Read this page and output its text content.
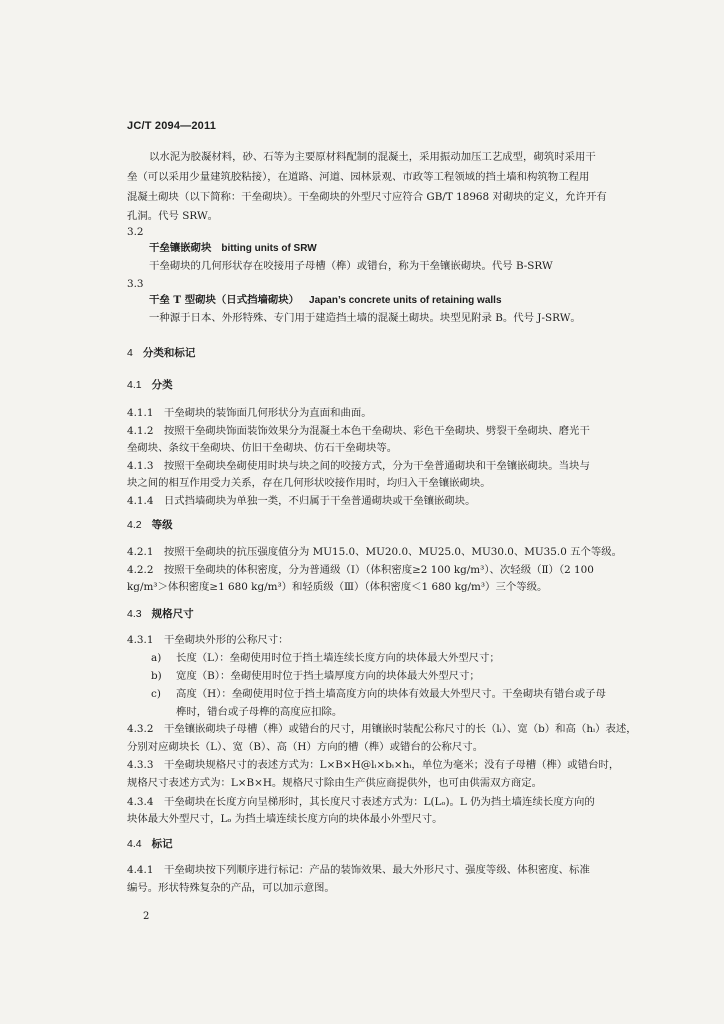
JC/T 2094—2011
以水泥为胶凝材料，砂、石等为主要原材料配制的混凝土，采用振动加压工艺成型，砌筑时采用干
垒（可以采用少量建筑胶粘接），在道路、河道、园林景观、市政等工程领域的挡土墙和构筑物工程用
混凝土砌块（以下简称：干垒砌块）。干垒砌块的外型尺寸应符合 GB/T 18968 对砌块的定义，允许开有
孔洞。代号 SRW。
3.2
干垒镶嵌砌块 bitting units of SRW
干垒砌块的几何形状存在咬接用子母槽（榫）或错台，称为干垒镶嵌砌块。代号 B-SRW
3.3
干垒 T 型砌块（日式挡墙砌块） Japan’s concrete units of retaining walls
一种源于日本、外形特殊、专门用于建造挡土墙的混凝土砌块。块型见附录 B。代号 J-SRW。
4 分类和标记
4.1 分类
4.1.1　干垒砌块的装饰面几何形状分为直面和曲面。
4.1.2　按照干垒砌块饰面装饰效果分为混凝土本色干垒砌块、彩色干垒砌块、劈裂干垒砌块、磨光干
垒砌块、条纹干垒砌块、仿旧干垒砌块、仿石干垒砌块等。
4.1.3　按照干垒砌块垒砌使用时块与块之间的咬接方式，分为干垒普通砌块和干垒镶嵌砌块。当块与
块之间的相互作用受力关系，存在几何形状咬接作用时，均归入干垒镶嵌砌块。
4.1.4　日式挡墙砌块为单独一类，不归属于干垒普通砌块或干垒镶嵌砌块。
4.2 等级
4.2.1　按照干垒砌块的抗压强度值分为 MU15.0、MU20.0、MU25.0、MU30.0、MU35.0 五个等级。
4.2.2　按照干垒砌块的体积密度，分为普通级（Ⅰ）（体积密度≥2 100 kg/m³）、次轻级（Ⅱ）（2 100
kg/m³＞体积密度≥1 680 kg/m³）和轻质级（Ⅲ）（体积密度＜1 680 kg/m³）三个等级。
4.3 规格尺寸
4.3.1　干垒砌块外形的公称尺寸：
a) 长度（L）：垒砌使用时位于挡土墙连续长度方向的块体最大外型尺寸；
b) 宽度（B）：垒砌使用时位于挡土墙厚度方向的块体最大外型尺寸；
c) 高度（H）：垒砌使用时位于挡土墙高度方向的块体有效最大外型尺寸。干垒砌块有错台或子母
榫时，错台或子母榫的高度应扣除。
4.3.2　干垒镶嵌砌块子母槽（榫）或错台的尺寸，用镶嵌时装配公称尺寸的长（lᵢ）、宽（b）和高（hᵢ）表述，
分别对应砌块长（L）、宽（B）、高（H）方向的槽（榫）或错台的公称尺寸。
4.3.3　干垒砌块规格尺寸的表述方式为：L×B×H@lᵢ×bᵢ×hᵢ，单位为毫米；没有子母槽（榫）或错台时，
规格尺寸表述方式为：L×B×H。规格尺寸除由生产供应商提供外，也可由供需双方商定。
4.3.4　干垒砌块在长度方向呈梯形时，其长度尺寸表述方式为：L(Lₒ)。L 仍为挡土墙连续长度方向的
块体最大外型尺寸，Lₒ 为挡土墙连续长度方向的块体最小外型尺寸。
4.4 标记
4.4.1　干垒砌块按下列顺序进行标记：产品的装饰效果、最大外形尺寸、强度等级、体积密度、标准
编号。形状特殊复杂的产品，可以加示意图。
2
